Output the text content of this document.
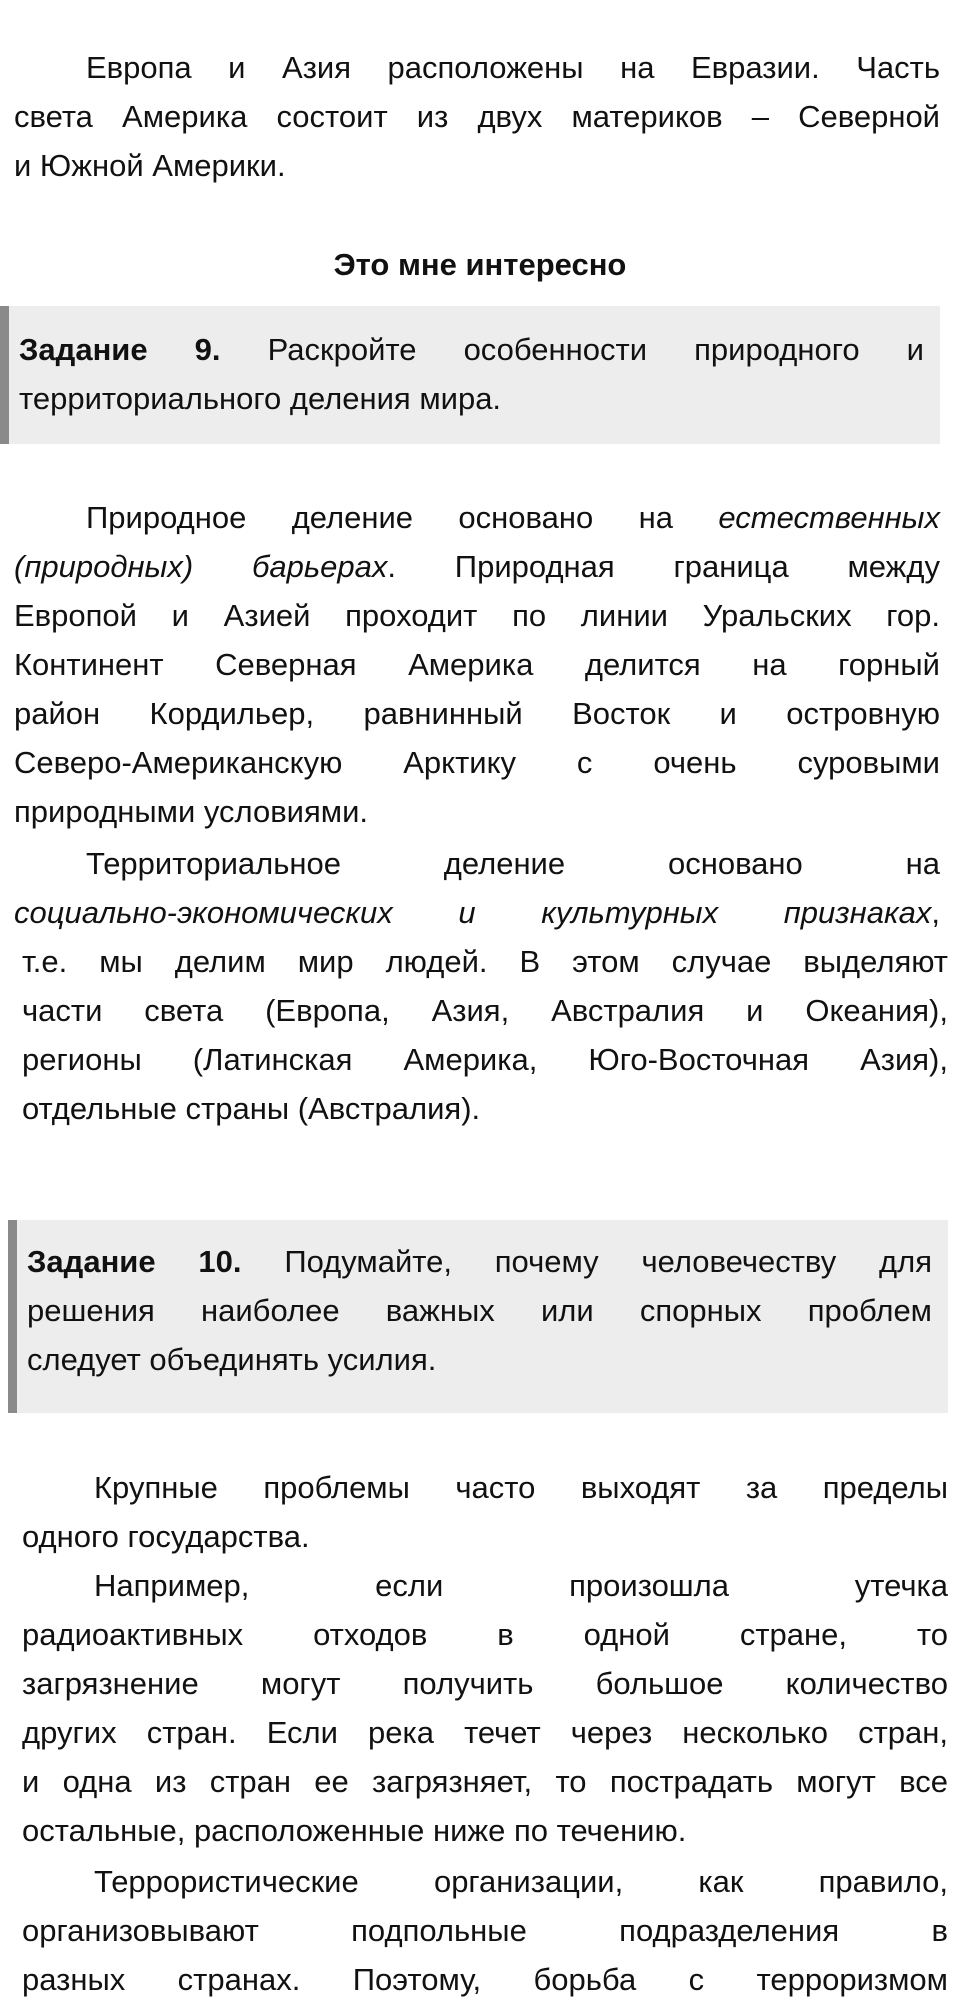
Европа и Азия расположены на Евразии. Часть
света Америка состоит из двух материков – Северной
и Южной Америки.
Это мне интересно
Задание 9. Раскройте особенности природного и
территориального деления мира.
Природное деление основано на естественных
(природных) барьерах. Природная граница между
Европой и Азией проходит по линии Уральских гор.
Континент Северная Америка делится на горный
район Кордильер, равнинный Восток и островную
Северо-Американскую Арктику с очень суровыми
природными условиями.
Территориальное деление основано на
социально-экономических и культурных признаках,
т.е. мы делим мир людей. В этом случае выделяют
части света (Европа, Азия, Австралия и Океания),
регионы (Латинская Америка, Юго-Восточная Азия),
отдельные страны (Австралия).
Задание 10. Подумайте, почему человечеству для
решения наиболее важных или спорных проблем
следует объединять усилия.
Крупные проблемы часто выходят за пределы
одного государства.
Например, если произошла утечка
радиоактивных отходов в одной стране, то
загрязнение могут получить большое количество
других стран. Если река течет через несколько стран,
и одна из стран ее загрязняет, то пострадать могут все
остальные, расположенные ниже по течению.
Террористические организации, как правило,
организовывают подпольные подразделения в
разных странах. Поэтому, борьба с терроризмом
